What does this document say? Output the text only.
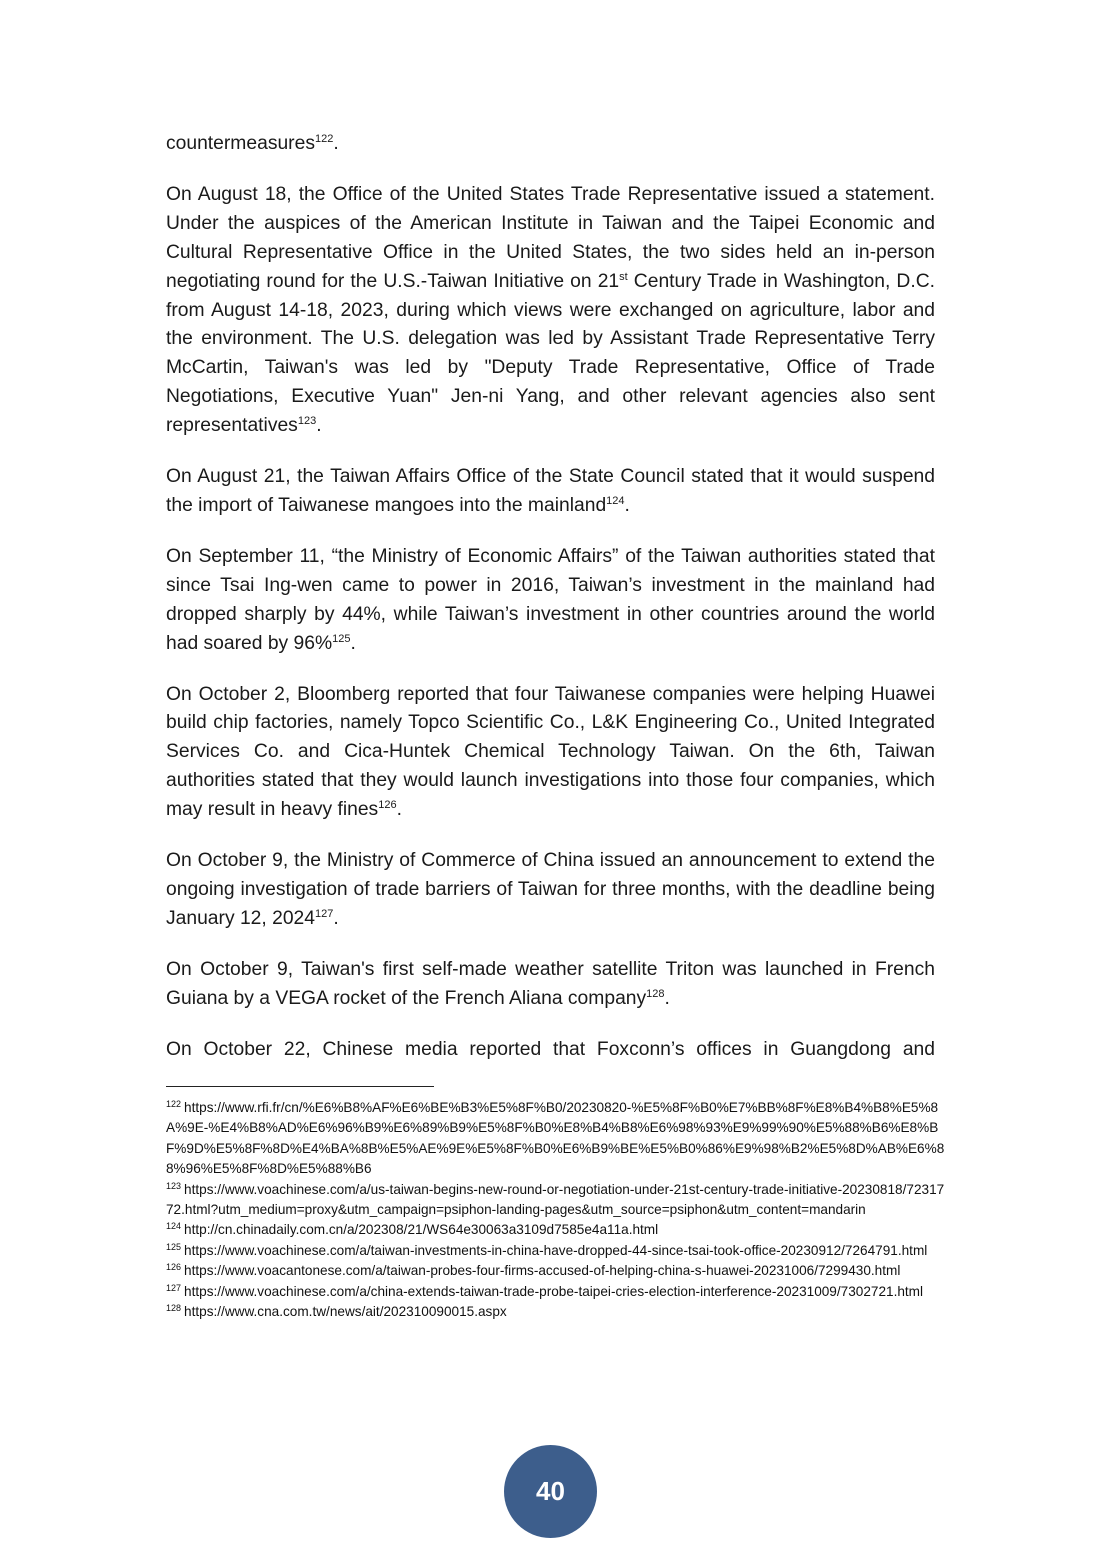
countermeasures$^{122}$.

On August 18, the Office of the United States Trade Representative issued a statement. Under the auspices of the American Institute in Taiwan and the Taipei Economic and Cultural Representative Office in the United States, the two sides held an in-person negotiating round for the U.S.-Taiwan Initiative on 21st Century Trade in Washington, D.C. from August 14-18, 2023, during which views were exchanged on agriculture, labor and the environment. The U.S. delegation was led by Assistant Trade Representative Terry McCartin, Taiwan's was led by "Deputy Trade Representative, Office of Trade Negotiations, Executive Yuan" Jen-ni Yang, and other relevant agencies also sent representatives$^{123}$.

On August 21, the Taiwan Affairs Office of the State Council stated that it would suspend the import of Taiwanese mangoes into the mainland$^{124}$.

On September 11, “the Ministry of Economic Affairs” of the Taiwan authorities stated that since Tsai Ing-wen came to power in 2016, Taiwan’s investment in the mainland had dropped sharply by 44%, while Taiwan’s investment in other countries around the world had soared by 96%$^{125}$.

On October 2, Bloomberg reported that four Taiwanese companies were helping Huawei build chip factories, namely Topco Scientific Co., L&K Engineering Co., United Integrated Services Co. and Cica-Huntek Chemical Technology Taiwan. On the 6th, Taiwan authorities stated that they would launch investigations into those four companies, which may result in heavy fines$^{126}$.

On October 9, the Ministry of Commerce of China issued an announcement to extend the ongoing investigation of trade barriers of Taiwan for three months, with the deadline being January 12, 2024$^{127}$.

On October 9, Taiwan's first self-made weather satellite Triton was launched in French Guiana by a VEGA rocket of the French Aliana company$^{128}$.

On October 22, Chinese media reported that Foxconn’s offices in Guangdong and

$^{122}$ https://www.rfi.fr/cn/%E6%B8%AF%E6%BE%B3%E5%8F%B0/20230820-%E5%8F%B0%E7%BB%8F%E8%B4%B8%E5%8A%9E-%E4%B8%AD%E6%96%B9%E6%89%B9%E5%8F%B0%E8%B4%B8%E6%98%93%E9%99%90%E5%88%B6%E8%BF%9D%E5%8F%8D%E4%BA%8B%E5%AE%9E%E5%8F%B0%E6%B9%BE%E5%B0%86%E9%98%B2%E5%8D%AB%E6%88%96%E5%8F%8D%E5%88%B6
$^{123}$ https://www.voachinese.com/a/us-taiwan-begins-new-round-or-negotiation-under-21st-century-trade-initiative-20230818/7231772.html?utm_medium=proxy&utm_campaign=psiphon-landing-pages&utm_source=psiphon&utm_content=mandarin
$^{124}$ http://cn.chinadaily.com.cn/a/202308/21/WS64e30063a3109d7585e4a11a.html
$^{125}$ https://www.voachinese.com/a/taiwan-investments-in-china-have-dropped-44-since-tsai-took-office-20230912/7264791.html
$^{126}$ https://www.voacantonese.com/a/taiwan-probes-four-firms-accused-of-helping-china-s-huawei-20231006/7299430.html
$^{127}$ https://www.voachinese.com/a/china-extends-taiwan-trade-probe-taipei-cries-election-interference-20231009/7302721.html
$^{128}$ https://www.cna.com.tw/news/ait/202310090015.aspx
40
